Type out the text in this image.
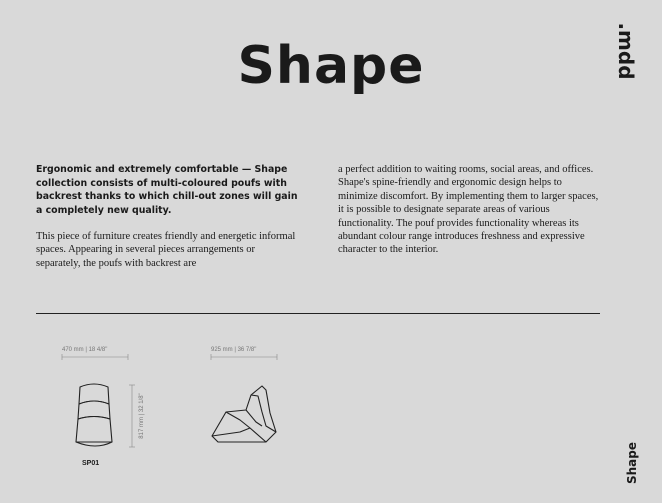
Shape	.mdd
Ergonomic and extremely comfortable — Shape collection consists of multi-coloured poufs with backrest thanks to which chill-out zones will gain a completely new quality.
This piece of furniture creates friendly and energetic informal spaces. Appearing in several pieces arrangements or separately, the poufs with backrest are
a perfect addition to waiting rooms, social areas, and offices. Shape's spine-friendly and ergonomic design helps to minimize discomfort. By implementing them to larger spaces, it is possible to designate separate areas of various functionality. The pouf provides functionality whereas its abundant colour range introduces freshness and expressive character to the interior.
470 mm | 18 4/8"	925 mm | 36 7/8"
817 mm | 32 1/8"
SP01	Shape
